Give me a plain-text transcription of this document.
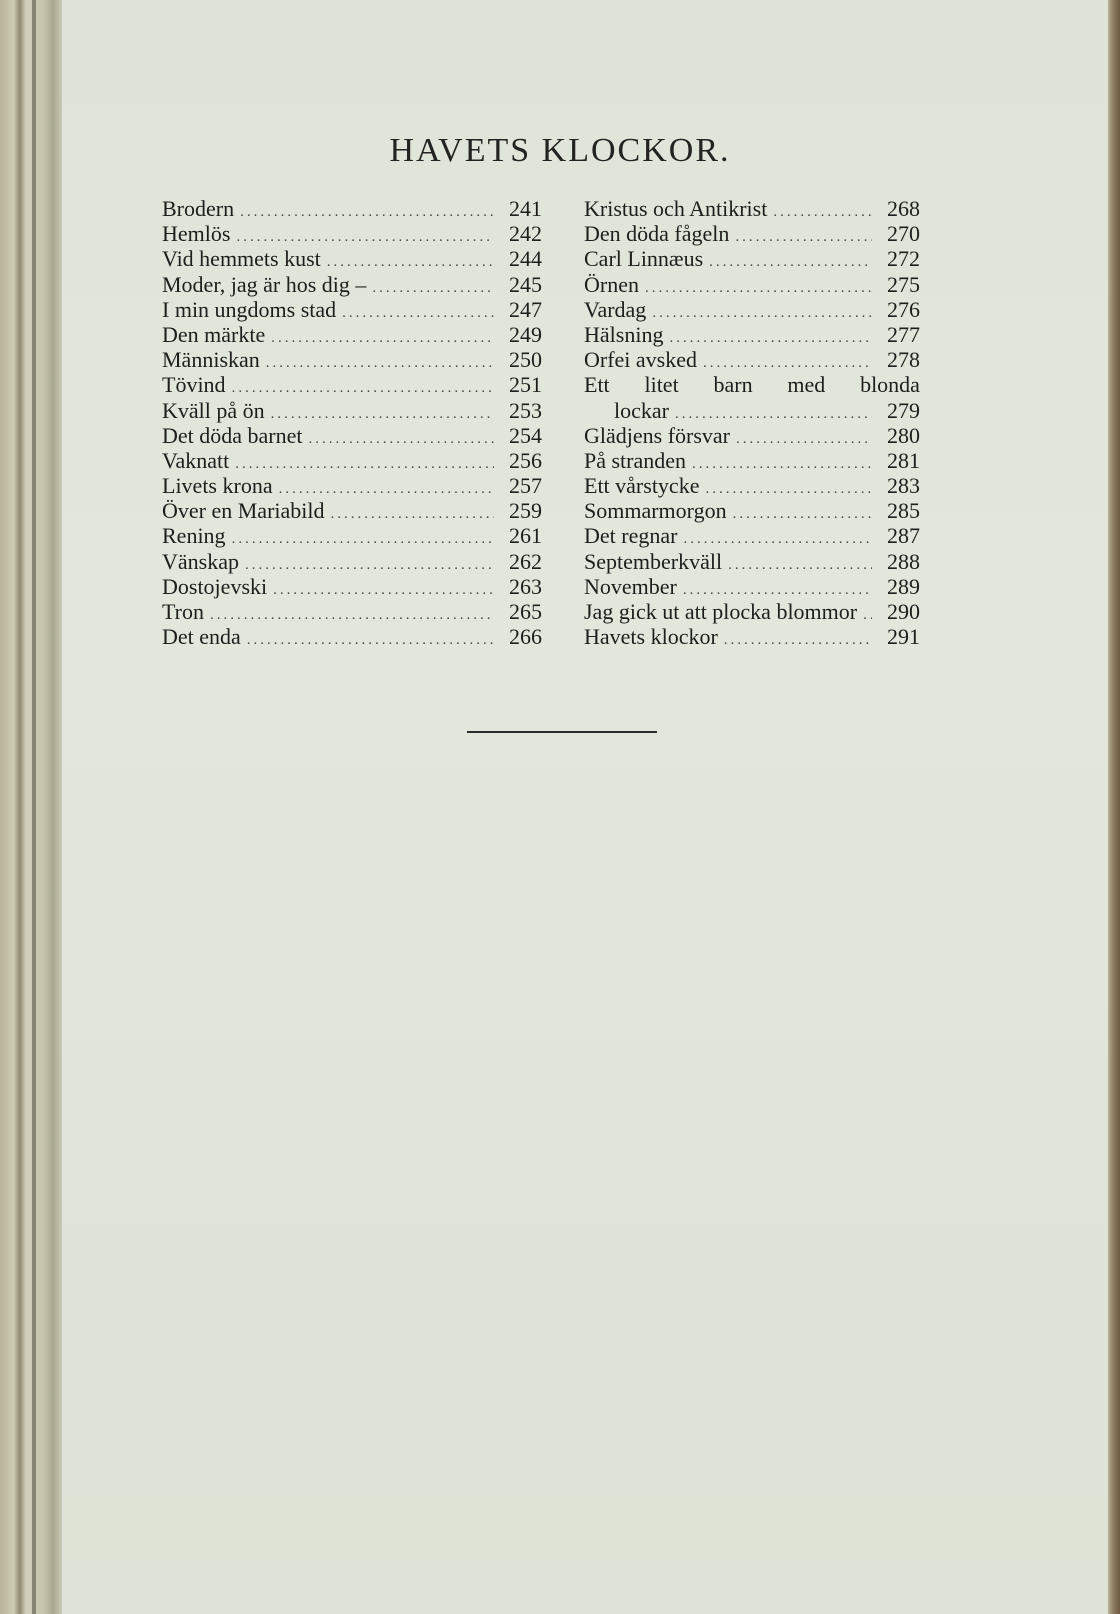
HAVETS KLOCKOR.
Brodern .....	241
Hemlös .....	242
Vid hemmets kust .....	244
Moder, jag är hos dig – .....	245
I min ungdoms stad .....	247
Den märkte .....	249
Människan .....	250
Tövind .....	251
Kväll på ön .....	253
Det döda barnet .....	254
Vaknatt .....	256
Livets krona .....	257
Över en Mariabild .....	259
Rening .....	261
Vänskap .....	262
Dostojevski .....	263
Tron .....	265
Det enda .....	266
Kristus och Antikrist .....	268
Den döda fågeln .....	270
Carl Linnæus .....	272
Örnen .....	275
Vardag .....	276
Hälsning .....	277
Orfei avsked .....	278
Ett litet barn med blonda
lockar .....	279
Glädjens försvar .....	280
På stranden .....	281
Ett vårstycke .....	283
Sommarmorgon .....	285
Det regnar .....	287
Septemberkväll .....	288
November .....	289
Jag gick ut att plocka blommor .....	290
Havets klockor .....	291
